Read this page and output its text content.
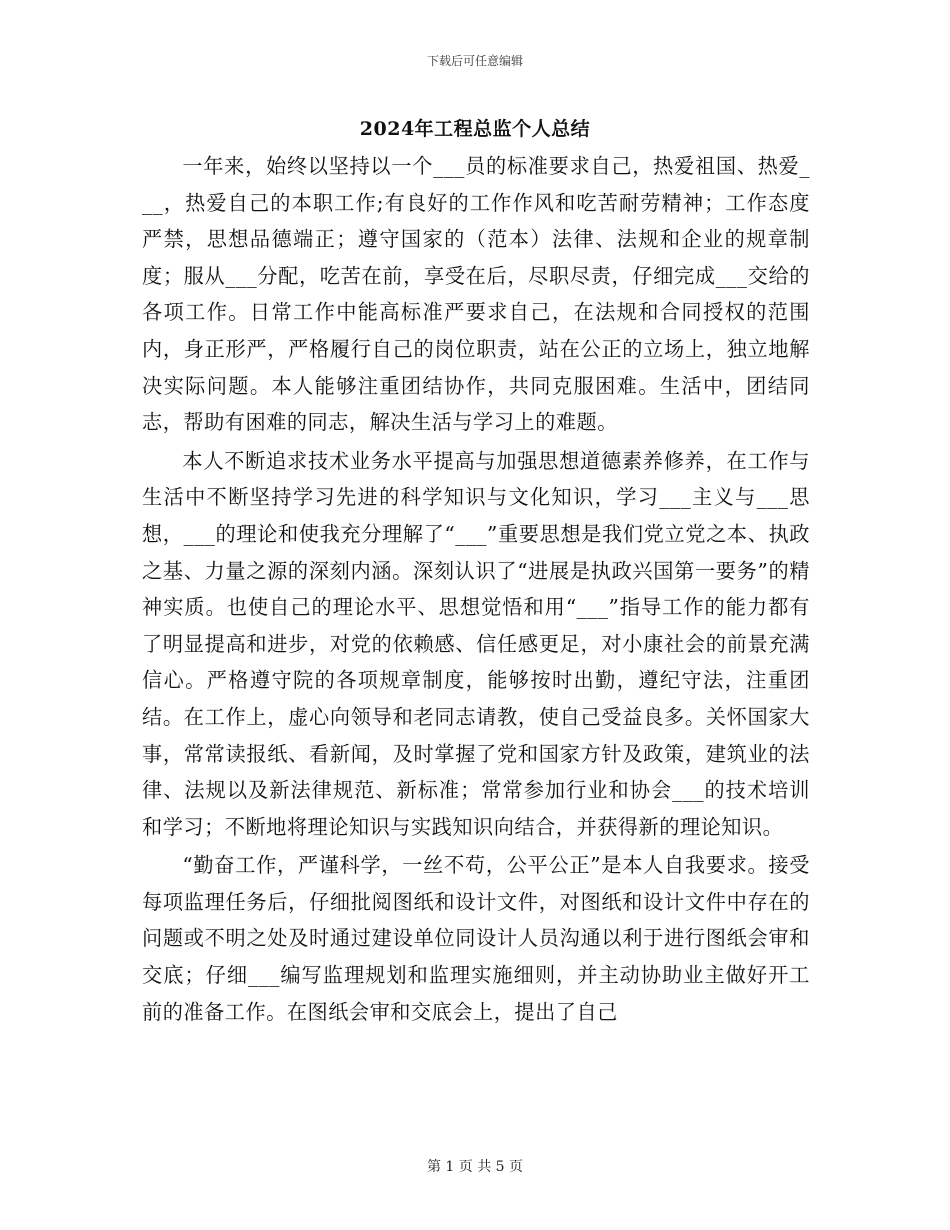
下载后可任意编辑
2024年工程总监个人总结

一年来，始终以坚持以一个___员的标准要求自己，热爱祖国、热爱___，热爱自己的本职工作;有良好的工作作风和吃苦耐劳精神；工作态度严禁，思想品德端正；遵守国家的（范本）法律、法规和企业的规章制度；服从___分配，吃苦在前，享受在后，尽职尽责，仔细完成___交给的各项工作。日常工作中能高标准严要求自己，在法规和合同授权的范围内，身正形严，严格履行自己的岗位职责，站在公正的立场上，独立地解决实际问题。本人能够注重团结协作，共同克服困难。生活中，团结同志，帮助有困难的同志，解决生活与学习上的难题。

本人不断追求技术业务水平提高与加强思想道德素养修养，在工作与生活中不断坚持学习先进的科学知识与文化知识，学习___主义与___思想，___的理论和使我充分理解了“___”重要思想是我们党立党之本、执政之基、力量之源的深刻内涵。深刻认识了“进展是执政兴国第一要务”的精神实质。也使自己的理论水平、思想觉悟和用“___”指导工作的能力都有了明显提高和进步，对党的依赖感、信任感更足，对小康社会的前景充满信心。严格遵守院的各项规章制度，能够按时出勤，遵纪守法，注重团结。在工作上，虚心向领导和老同志请教，使自己受益良多。关怀国家大事，常常读报纸、看新闻，及时掌握了党和国家方针及政策，建筑业的法律、法规以及新法律规范、新标准；常常参加行业和协会___的技术培训和学习；不断地将理论知识与实践知识向结合，并获得新的理论知识。

“勤奋工作，严谨科学，一丝不苟，公平公正”是本人自我要求。接受每项监理任务后，仔细批阅图纸和设计文件，对图纸和设计文件中存在的问题或不明之处及时通过建设单位同设计人员沟通以利于进行图纸会审和交底；仔细___编写监理规划和监理实施细则，并主动协助业主做好开工前的准备工作。在图纸会审和交底会上，提出了自己

第 1 页 共 5 页
